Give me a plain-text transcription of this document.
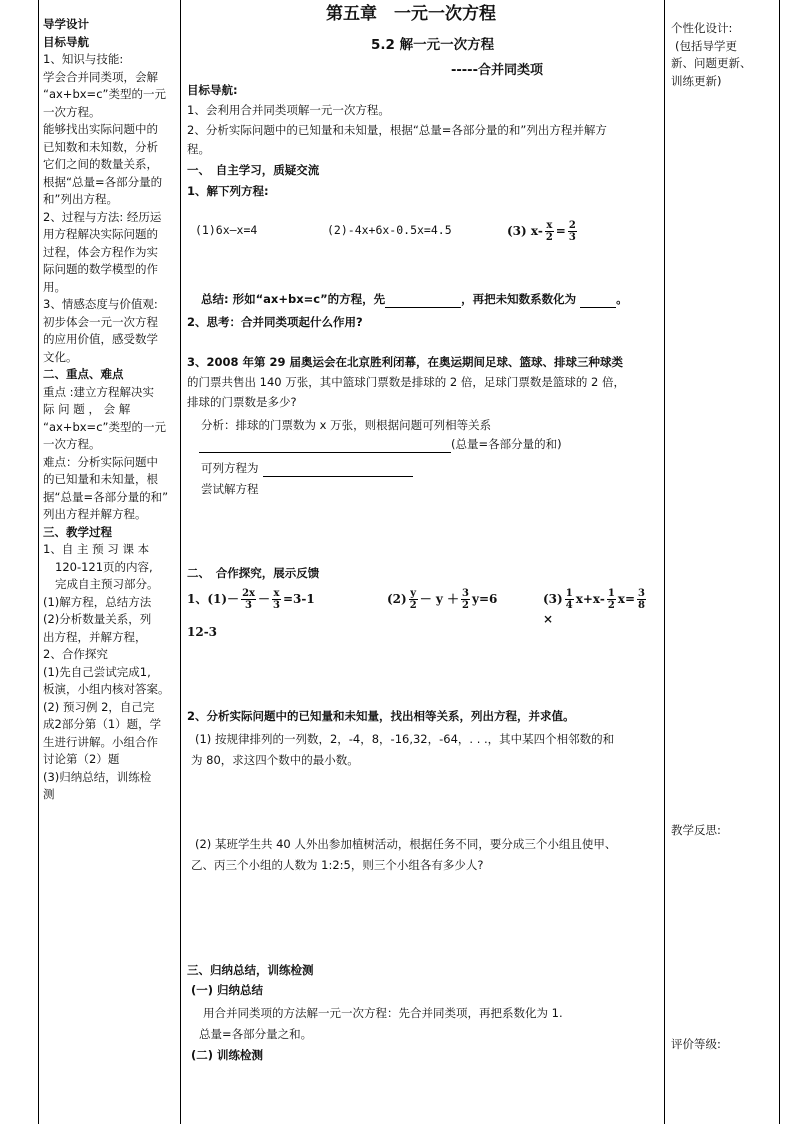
导学设计

目标导航

1、知识与技能:

学会合并同类项，会解

“ax+bx=c”类型的一元

一次方程。

能够找出实际问题中的

已知数和未知数，分析

它们之间的数量关系，

根据“总量=各部分量的

和”列出方程。

2、过程与方法: 经历运

用方程解决实际问题的

过程，体会方程作为实

际问题的数学模型的作

用。

3、情感态度与价值观:

初步体会一元一次方程

的应用价值，感受数学

文化。

二、重点、难点

重点 :建立方程解决实

际 问 题 ， 会 解

“ax+bx=c”类型的一元

一次方程。

难点：分析实际问题中

的已知量和未知量，根

据“总量=各部分量的和”

列出方程并解方程。

三、教学过程

1、自 主 预 习 课 本

120-121页的内容,

完成自主预习部分。

(1)解方程，总结方法

(2)分析数量关系，列

出方程，并解方程，

2、合作探究

(1)先自己尝试完成1,

板演，小组内核对答案。

(2) 预习例 2，自己完

成2部分第（1）题，学

生进行讲解。小组合作

讨论第（2）题

(3)归纳总结，训练检

测

第五章　一元一次方程
5.2 解一元一次方程
-----合并同类项

目标导航:

1、会利用合并同类项解一元一次方程。

2、分析实际问题中的已知量和未知量，根据“总量=各部分量的和”列出方程并解方

程。

一、　自主学习，质疑交流

1、解下列方程:

(1)6x—x=4	(2)-4x+6x-0.5x=4.5	(3) $x- \frac{x}{2} = \frac{2}{3}$
总结: 形如“ax+bx=c”的方程，先	，再把未知数系数化为	。

2、思考：合并同类项起什么作用?

3、2008 年第 29 届奥运会在北京胜利闭幕，在奥运期间足球、篮球、排球三种球类

的门票共售出 140 万张，其中篮球门票数是排球的 2 倍，足球门票数是篮球的 2 倍，

排球的门票数是多少?

分析：排球的门票数为 x 万张，则根据问题可列相等关系

(总量=各部分量的和)
可列方程为

尝试解方程

二、　合作探究，展示反馈

1、$(1)- \frac{2x}{3} - \frac{x}{3} =3-1$	$(2) \frac{y}{2} - y + \frac{3}{2} y=6$	$(3) \frac{1}{4} x+x- \frac{1}{2} x= \frac{3}{8}$
×

12-3

2、分析实际问题中的已知量和未知量，找出相等关系，列出方程，并求值。

(1) 按规律排列的一列数，2，-4，8，-16,32，-64，. . .，其中某四个相邻数的和

为 80，求这四个数中的最小数。

(2) 某班学生共 40 人外出参加植树活动，根据任务不同，要分成三个小组且使甲、

乙、丙三个小组的人数为 1:2:5，则三个小组各有多少人?

三、归纳总结，训练检测

(一) 归纳总结

用合并同类项的方法解一元一次方程：先合并同类项，再把系数化为 1.

总量=各部分量之和。

(二) 训练检测

个性化设计:

(包括导学更

新、问题更新、

训练更新)

教学反思:

评价等级:
